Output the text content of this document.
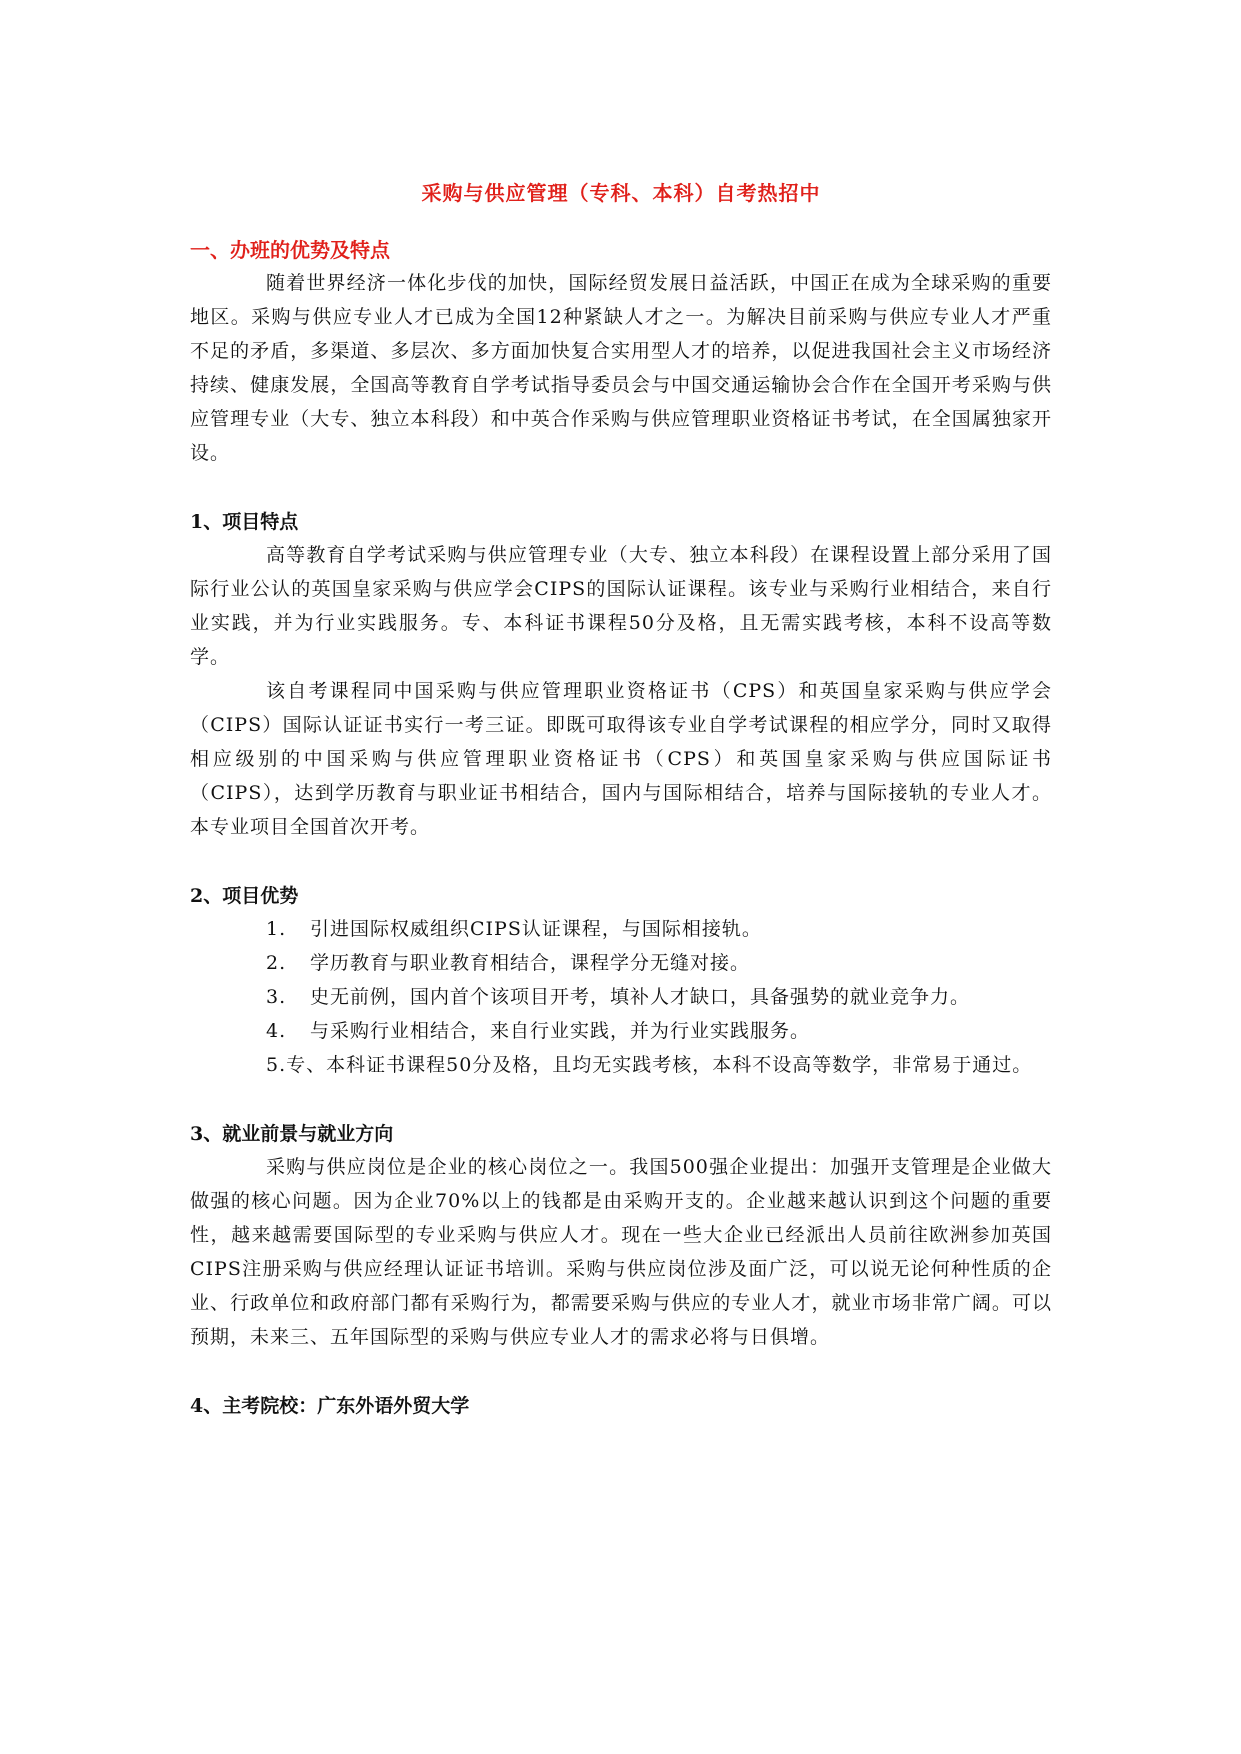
采购与供应管理（专科、本科）自考热招中
一、办班的优势及特点

随着世界经济一体化步伐的加快，国际经贸发展日益活跃，中国正在成为全球采购的重要地区。采购与供应专业人才已成为全国12种紧缺人才之一。为解决目前采购与供应专业人才严重不足的矛盾，多渠道、多层次、多方面加快复合实用型人才的培养，以促进我国社会主义市场经济持续、健康发展，全国高等教育自学考试指导委员会与中国交通运输协会合作在全国开考采购与供应管理专业（大专、独立本科段）和中英合作采购与供应管理职业资格证书考试，在全国属独家开设。

1、项目特点

高等教育自学考试采购与供应管理专业（大专、独立本科段）在课程设置上部分采用了国际行业公认的英国皇家采购与供应学会CIPS的国际认证课程。该专业与采购行业相结合，来自行业实践，并为行业实践服务。专、本科证书课程50分及格，且无需实践考核，本科不设高等数学。

该自考课程同中国采购与供应管理职业资格证书（CPS）和英国皇家采购与供应学会（CIPS）国际认证证书实行一考三证。即既可取得该专业自学考试课程的相应学分，同时又取得相应级别的中国采购与供应管理职业资格证书（CPS）和英国皇家采购与供应国际证书（CIPS），达到学历教育与职业证书相结合，国内与国际相结合，培养与国际接轨的专业人才。本专业项目全国首次开考。

2、项目优势

1. 引进国际权威组织CIPS认证课程，与国际相接轨。

2. 学历教育与职业教育相结合，课程学分无缝对接。

3. 史无前例，国内首个该项目开考，填补人才缺口，具备强势的就业竞争力。

4. 与采购行业相结合，来自行业实践，并为行业实践服务。

5.专、本科证书课程50分及格，且均无实践考核，本科不设高等数学，非常易于通过。

3、就业前景与就业方向

采购与供应岗位是企业的核心岗位之一。我国500强企业提出：加强开支管理是企业做大做强的核心问题。因为企业70%以上的钱都是由采购开支的。企业越来越认识到这个问题的重要性，越来越需要国际型的专业采购与供应人才。现在一些大企业已经派出人员前往欧洲参加英国CIPS注册采购与供应经理认证证书培训。采购与供应岗位涉及面广泛，可以说无论何种性质的企业、行政单位和政府部门都有采购行为，都需要采购与供应的专业人才，就业市场非常广阔。可以预期，未来三、五年国际型的采购与供应专业人才的需求必将与日俱增。

4、主考院校：广东外语外贸大学
